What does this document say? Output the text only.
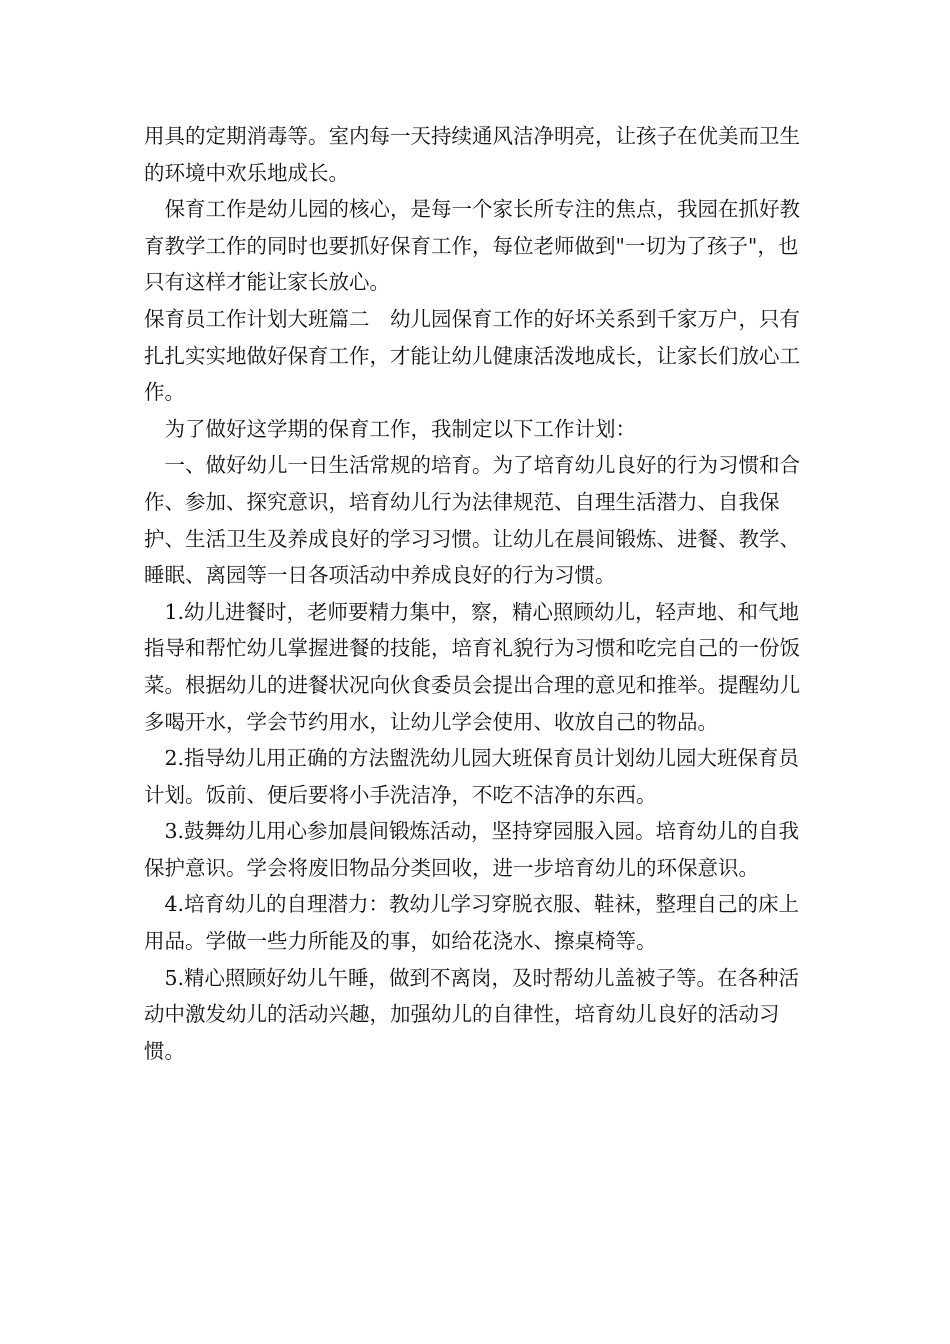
用具的定期消毒等。室内每一天持续通风洁净明亮，让孩子在优美而卫生的环境中欢乐地成长。

　保育工作是幼儿园的核心，是每一个家长所专注的焦点，我园在抓好教育教学工作的同时也要抓好保育工作，每位老师做到"一切为了孩子"，也只有这样才能让家长放心。

保育员工作计划大班篇二　幼儿园保育工作的好坏关系到千家万户，只有扎扎实实地做好保育工作，才能让幼儿健康活泼地成长，让家长们放心工作。

　为了做好这学期的保育工作，我制定以下工作计划：

　一、做好幼儿一日生活常规的培育。为了培育幼儿良好的行为习惯和合作、参加、探究意识，培育幼儿行为法律规范、自理生活潜力、自我保护、生活卫生及养成良好的学习习惯。让幼儿在晨间锻炼、进餐、教学、睡眠、离园等一日各项活动中养成良好的行为习惯。

　1.幼儿进餐时，老师要精力集中，察，精心照顾幼儿，轻声地、和气地指导和帮忙幼儿掌握进餐的技能，培育礼貌行为习惯和吃完自己的一份饭菜。根据幼儿的进餐状况向伙食委员会提出合理的意见和推举。提醒幼儿多喝开水，学会节约用水，让幼儿学会使用、收放自己的物品。

　2.指导幼儿用正确的方法盥洗幼儿园大班保育员计划幼儿园大班保育员计划。饭前、便后要将小手洗洁净，不吃不洁净的东西。

　3.鼓舞幼儿用心参加晨间锻炼活动，坚持穿园服入园。培育幼儿的自我保护意识。学会将废旧物品分类回收，进一步培育幼儿的环保意识。

　4.培育幼儿的自理潜力：教幼儿学习穿脱衣服、鞋袜，整理自己的床上用品。学做一些力所能及的事，如给花浇水、擦桌椅等。

　5.精心照顾好幼儿午睡，做到不离岗，及时帮幼儿盖被子等。在各种活动中激发幼儿的活动兴趣，加强幼儿的自律性，培育幼儿良好的活动习惯。
